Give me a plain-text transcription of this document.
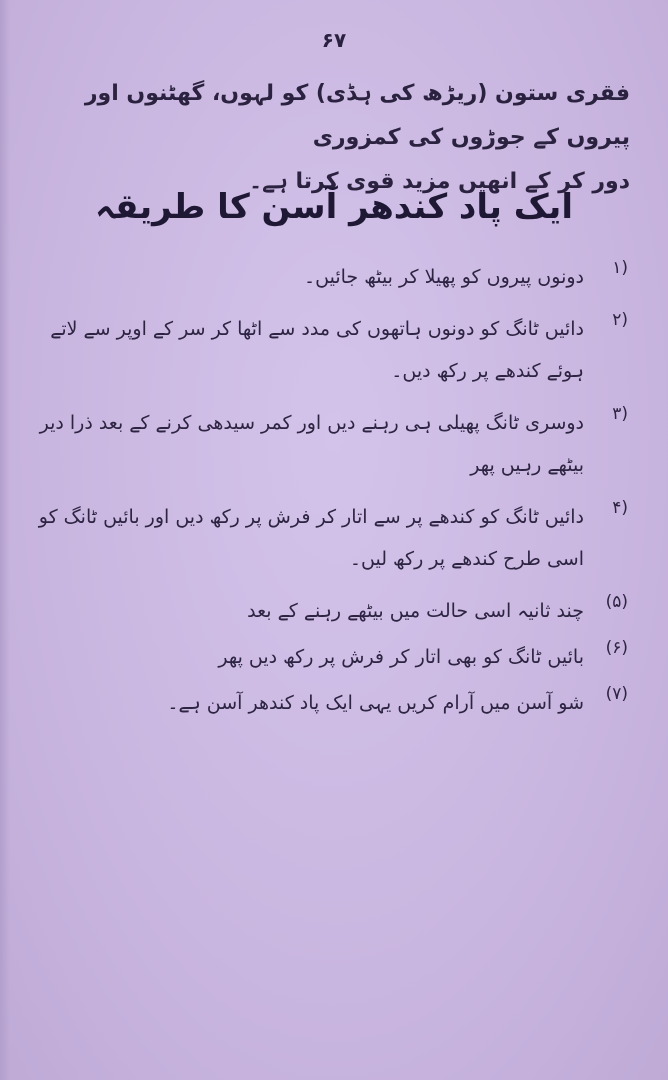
۶۷

فقری ستون (ریڑھ کی ہڈی) کو لہوں، گھٹنوں اور پیروں کے جوڑوں کی کمزوری

دور کر کے انھیں مزید قوی کرتا ہے۔

ایک پاد کندھر آسن کا طریقہ
(۱
دونوں پیروں کو پھیلا کر بیٹھ جائیں۔
(۲
دائیں ٹانگ کو دونوں ہاتھوں کی مدد سے اٹھا کر سر کے اوپر سے لاتے ہوئے کندھے پر رکھ دیں۔
(۳
دوسری ٹانگ پھیلی ہی رہنے دیں اور کمر سیدھی کرنے کے بعد ذرا دیر بیٹھے رہیں پھر
(۴
دائیں ٹانگ کو کندھے پر سے اتار کر فرش پر رکھ دیں اور بائیں ٹانگ کو اسی طرح کندھے پر رکھ لیں۔
(۵)
چند ثانیہ اسی حالت میں بیٹھے رہنے کے بعد
(۶)
بائیں ٹانگ کو بھی اتار کر فرش پر رکھ دیں پھر
(۷)
شو آسن میں آرام کریں یہی ایک پاد کندھر آسن ہے۔
